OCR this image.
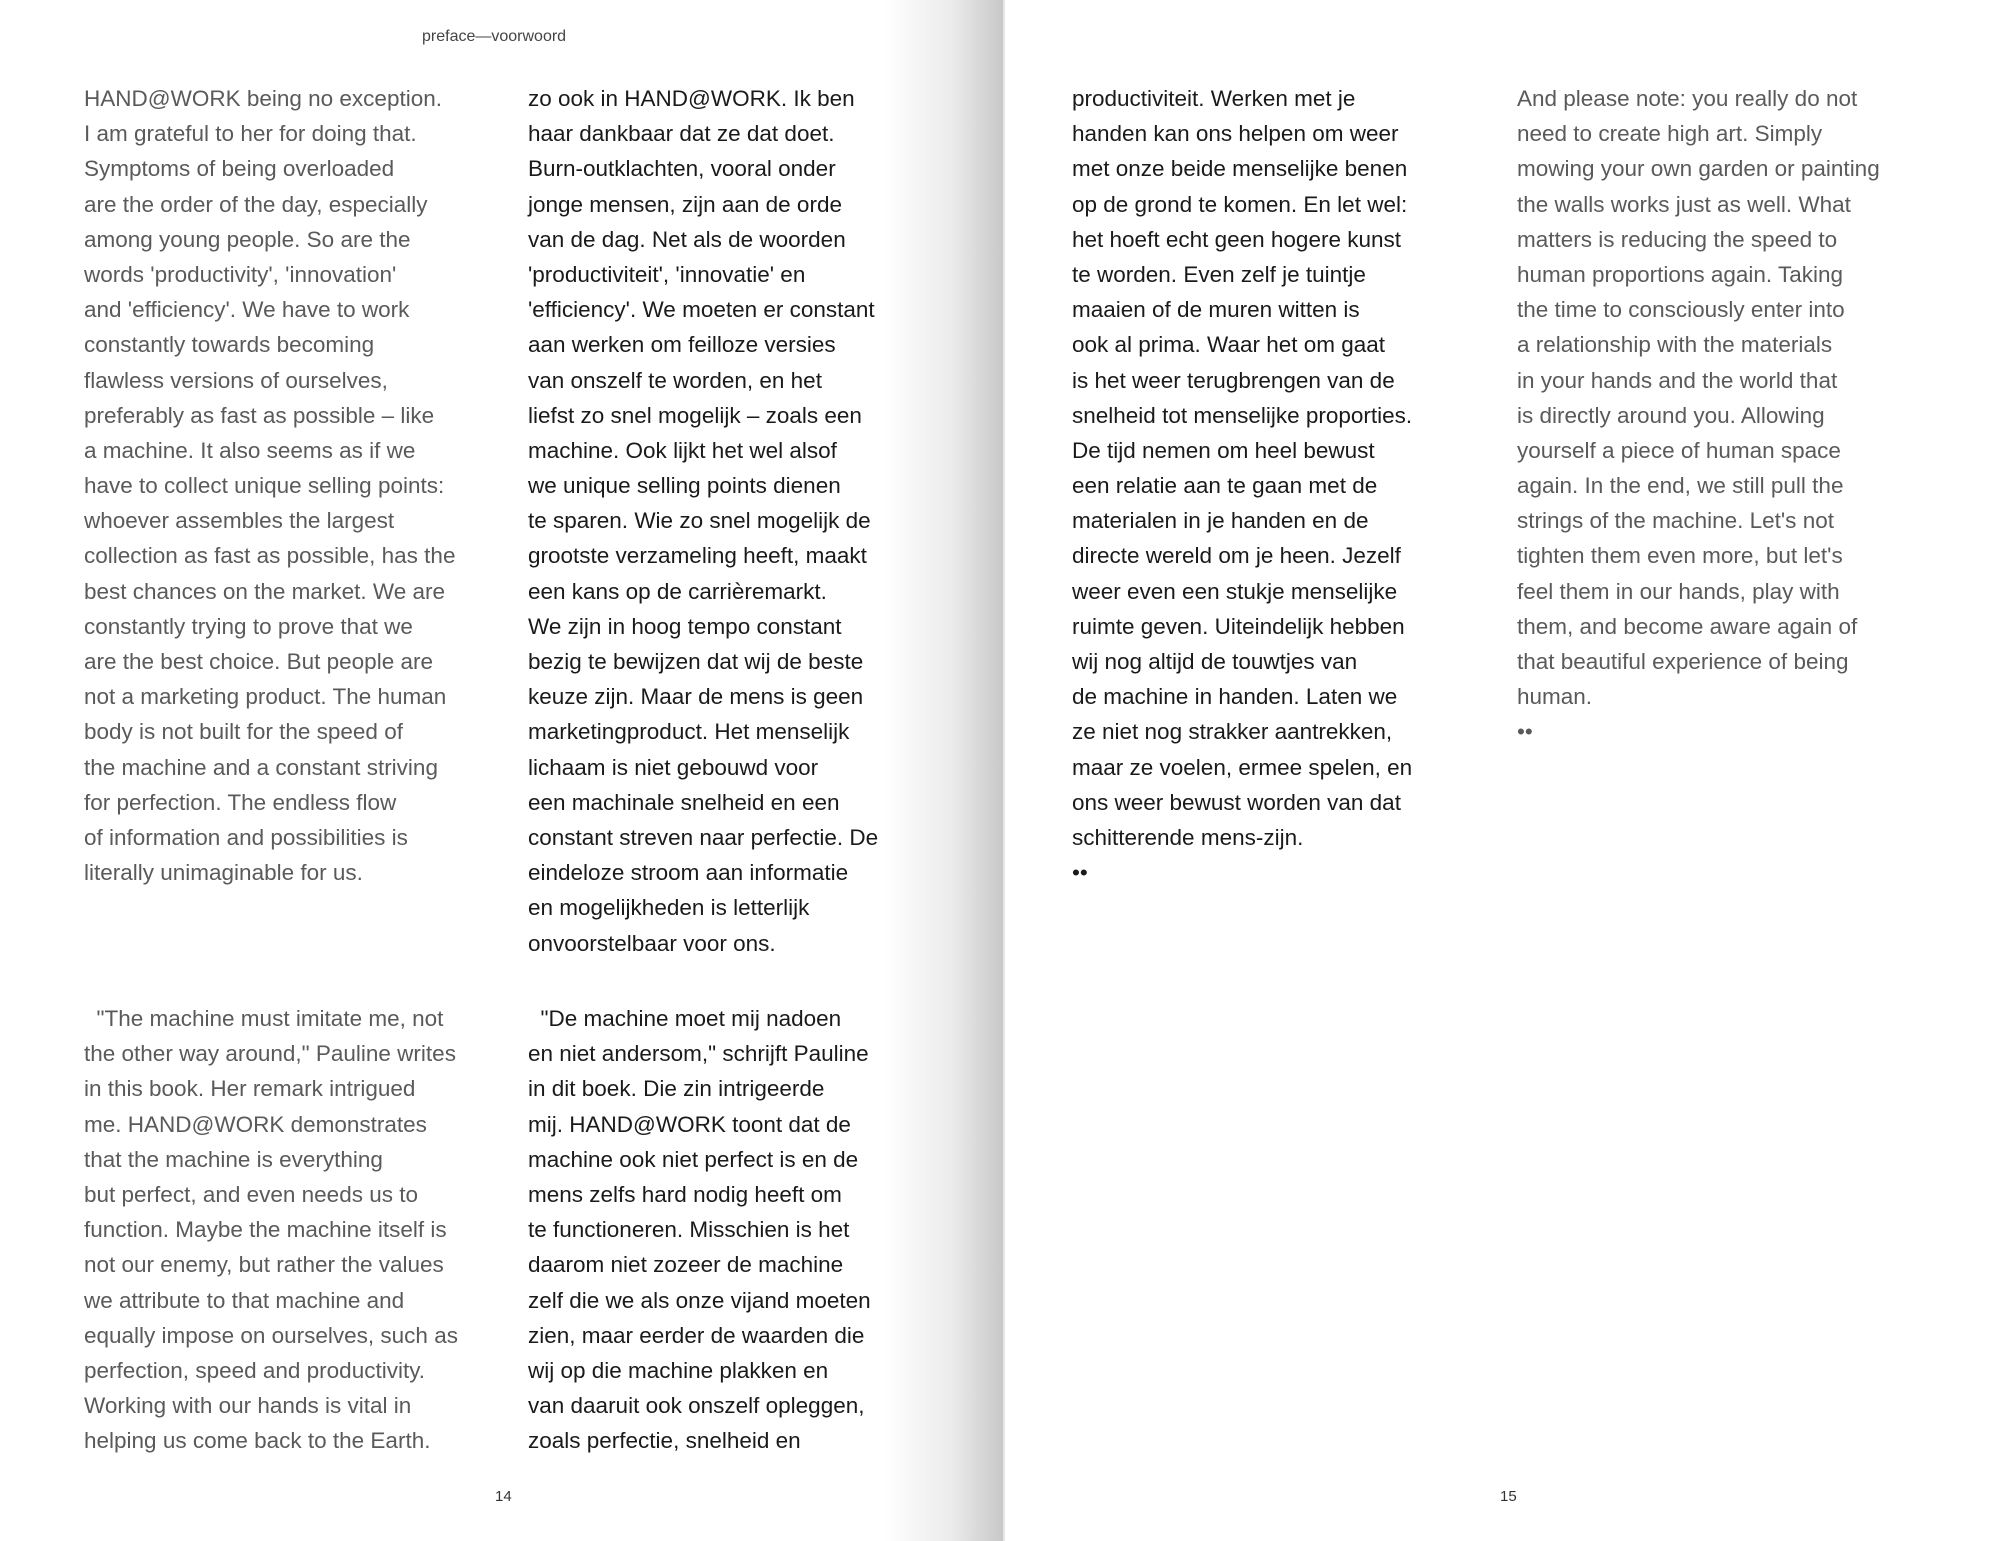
preface—voorwoord
HAND@WORK being no exception.
I am grateful to her for doing that.
Symptoms of being overloaded
are the order of the day, especially
among young people. So are the
words 'productivity', 'innovation'
and 'efficiency'. We have to work
constantly towards becoming
flawless versions of ourselves,
preferably as fast as possible – like
a machine. It also seems as if we
have to collect unique selling points:
whoever assembles the largest
collection as fast as possible, has the
best chances on the market. We are
constantly trying to prove that we
are the best choice. But people are
not a marketing product. The human
body is not built for the speed of
the machine and a constant striving
for perfection. The endless flow
of information and possibilities is
literally unimaginable for us.
"The machine must imitate me, not
the other way around," Pauline writes
in this book. Her remark intrigued
me. HAND@WORK demonstrates
that the machine is everything
but perfect, and even needs us to
function. Maybe the machine itself is
not our enemy, but rather the values
we attribute to that machine and
equally impose on ourselves, such as
perfection, speed and productivity.
Working with our hands is vital in
helping us come back to the Earth.
zo ook in HAND@WORK. Ik ben
haar dankbaar dat ze dat doet.
Burn-outklachten, vooral onder
jonge mensen, zijn aan de orde
van de dag. Net als de woorden
'productiviteit', 'innovatie' en
'efficiency'. We moeten er constant
aan werken om feilloze versies
van onszelf te worden, en het
liefst zo snel mogelijk – zoals een
machine. Ook lijkt het wel alsof
we unique selling points dienen
te sparen. Wie zo snel mogelijk de
grootste verzameling heeft, maakt
een kans op de carrièremarkt.
We zijn in hoog tempo constant
bezig te bewijzen dat wij de beste
keuze zijn. Maar de mens is geen
marketingproduct. Het menselijk
lichaam is niet gebouwd voor
een machinale snelheid en een
constant streven naar perfectie. De
eindeloze stroom aan informatie
en mogelijkheden is letterlijk
onvoorstelbaar voor ons.
"De machine moet mij nadoen
en niet andersom," schrijft Pauline
in dit boek. Die zin intrigeerde
mij. HAND@WORK toont dat de
machine ook niet perfect is en de
mens zelfs hard nodig heeft om
te functioneren. Misschien is het
daarom niet zozeer de machine
zelf die we als onze vijand moeten
zien, maar eerder de waarden die
wij op die machine plakken en
van daaruit ook onszelf opleggen,
zoals perfectie, snelheid en
14
productiviteit. Werken met je
handen kan ons helpen om weer
met onze beide menselijke benen
op de grond te komen. En let wel:
het hoeft echt geen hogere kunst
te worden. Even zelf je tuintje
maaien of de muren witten is
ook al prima. Waar het om gaat
is het weer terugbrengen van de
snelheid tot menselijke proporties.
De tijd nemen om heel bewust
een relatie aan te gaan met de
materialen in je handen en de
directe wereld om je heen. Jezelf
weer even een stukje menselijke
ruimte geven. Uiteindelijk hebben
wij nog altijd de touwtjes van
de machine in handen. Laten we
ze niet nog strakker aantrekken,
maar ze voelen, ermee spelen, en
ons weer bewust worden van dat
schitterende mens-zijn.
••
And please note: you really do not
need to create high art. Simply
mowing your own garden or painting
the walls works just as well. What
matters is reducing the speed to
human proportions again. Taking
the time to consciously enter into
a relationship with the materials
in your hands and the world that
is directly around you. Allowing
yourself a piece of human space
again. In the end, we still pull the
strings of the machine. Let's not
tighten them even more, but let's
feel them in our hands, play with
them, and become aware again of
that beautiful experience of being
human.
••
15
